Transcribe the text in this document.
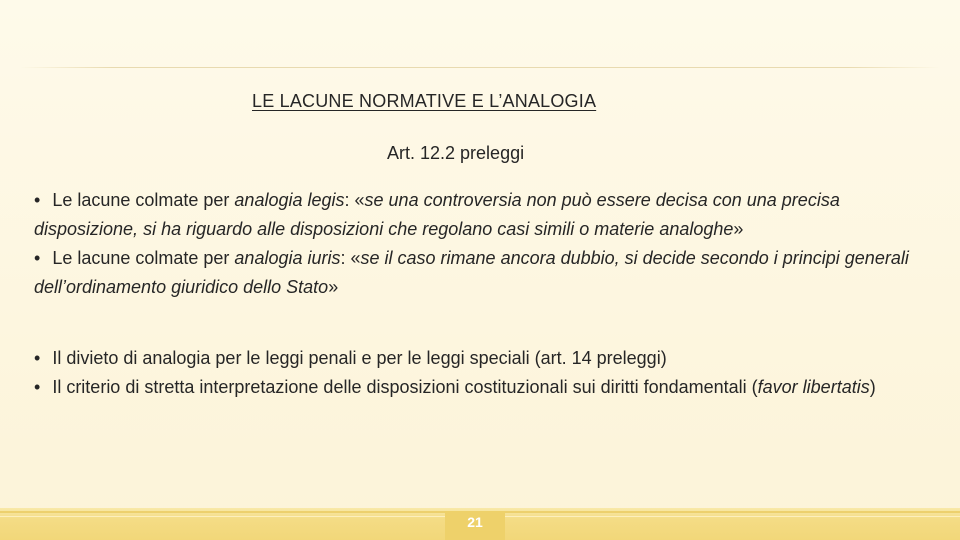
LE LACUNE NORMATIVE E L’ANALOGIA
Art. 12.2 preleggi

• Le lacune colmate per analogia legis: «se una controversia non può essere decisa con una precisa disposizione, si ha riguardo alle disposizioni che regolano casi simili o materie analoghe»

• Le lacune colmate per analogia iuris: «se il caso rimane ancora dubbio, si decide secondo i principi generali dell’ordinamento giuridico dello Stato»

• Il divieto di analogia per le leggi penali e per le leggi speciali (art. 14 preleggi)

• Il criterio di stretta interpretazione delle disposizioni costituzionali sui diritti fondamentali (favor libertatis)

21
